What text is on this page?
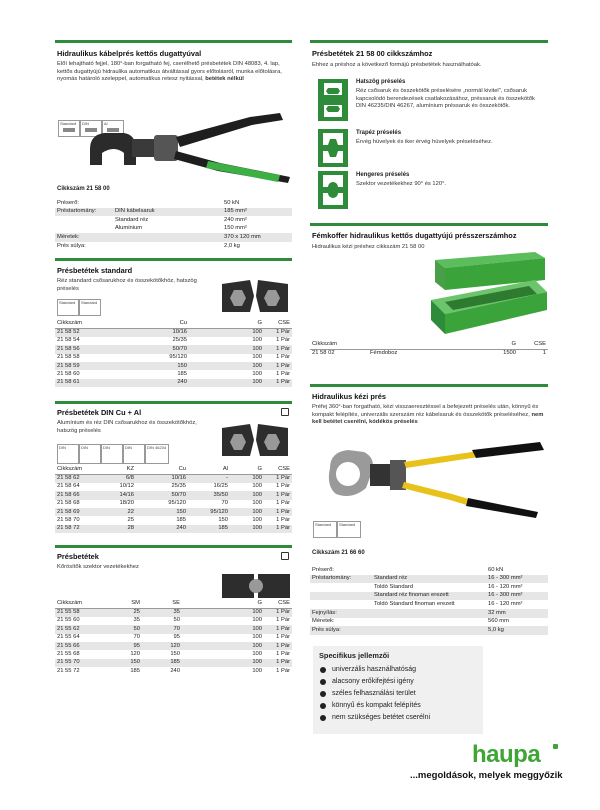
Hidraulikus kábelprés kettős dugattyúval
Előí lehajtható fejjel, 180°-ban forgatható fej, cserélhető présbetétek DIN 48083, 4. lap, kettős dugattyújú hidraulika automatikus átváltással gyors előtolásról, munka előtolásra, nyomás határoló szeleppel, automatikus retesz nyitással, betétek nélkül
Standard DIN	Al
Cikkszám 21 58 00
Préserő:		50 kN
Préstartomány:	DIN kábelsaruk	185 mm²
	Standard réz	240 mm²
	Aluminium	150 mm²
Méretek:		370 x 120 mm
Prés súlya:		2,0 kg
Présbetétek standard
Réz standard csősarukhoz és összekötőkhöz, hatszög préselés
Standard Standard
Cikkszám	Cu	G	CSE
21 58 52	10/16	100	1 Pár
21 58 54	25/35	100	1 Pár
21 58 56	50/70	100	1 Pár
21 58 58	95/120	100	1 Pár
21 58 59	150	100	1 Pár
21 58 60	185	100	1 Pár
21 58 61	240	100	1 Pár
Présbetétek DIN Cu + Al
Alumínium és réz DIN csősarukhoz és összekötőkhöz, hatszög préselés
DIN	DIN	DIN	DIN	DIN 46234
Cikkszám	KZ	Cu	Al	G	CSE
21 58 62	6/8	10/16	-	100	1 Pár
21 58 64	10/12	25/35	16/25	100	1 Pár
21 58 66	14/16	50/70	35/50	100	1 Pár
21 58 68	18/20	95/120	70	100	1 Pár
21 58 69	22	150	95/120	100	1 Pár
21 58 70	25	185	150	100	1 Pár
21 58 72	28	240	185	100	1 Pár
Présbetétek
Kőrösítők szektor vezetékekhez
Cikkszám	SM	SE	G	CSE
21 55 58	25	35	100	1 Pár
21 55 60	35	50	100	1 Pár
21 55 62	50	70	100	1 Pár
21 55 64	70	95	100	1 Pár
21 55 66	95	120	100	1 Pár
21 55 68	120	150	100	1 Pár
21 55 70	150	185	100	1 Pár
21 55 72	185	240	100	1 Pár
Présbetétek 21 58 00 cikkszámhoz
Ehhez a préshoz a következő formájú présbetétek használhatóak.
Hatszög préselés
Réz csősaruk és összekötők préselésére „normál kivitel”, csősaruk kapcsolódó berendezések csatlakozásához, préssaruk és összekötők DIN 46235/DIN 46267, alumínium préssaruk és összekötők.
Trapéz préselés
Érvég hüvelyek és iker érvég hüvelyek préseléséhez.
Hengeres préselés
Szektor vezetékekhez 90° és 120°.
Fémkoffer hidraulikus kettős dugattyújú présszerszámhoz
Hidraulikus kézi préshez cikkszám 21 58 00
Cikkszám		G	CSE
21 58 02	Fémdoboz	1500	1
Hidraulikus kézi prés
Préfej 360°-ban forgatható, kézi visszaeresztéssel a befejezett préselés után, könnyű és kompakt felépítés, univerzális szerszám réz kábelsaruk és összekötők préseléséhez, nem kell betétet cserélni, kódékös préselés
Standard Standard
Cikkszám 21 66 60
Préserő:		60 kN
Préstartomány:	Standard réz	16 - 300 mm²
	Toldó Standard	16 - 120 mm²
	Standard réz finoman erezett	16 - 300 mm²
	Toldó Standard finoman erezett	16 - 120 mm²
Fejnyílás:		32 mm
Méretek:		560 mm
Prés súlya:		5,0 kg
Specifikus jellemzői
univerzális használhatóság
alacsony erőkifejtési igény
széles felhasználási terület
könnyű és kompakt felépítés
nem szükséges betétet cserélni
haupa
...megoldások, melyek meggyőzik
